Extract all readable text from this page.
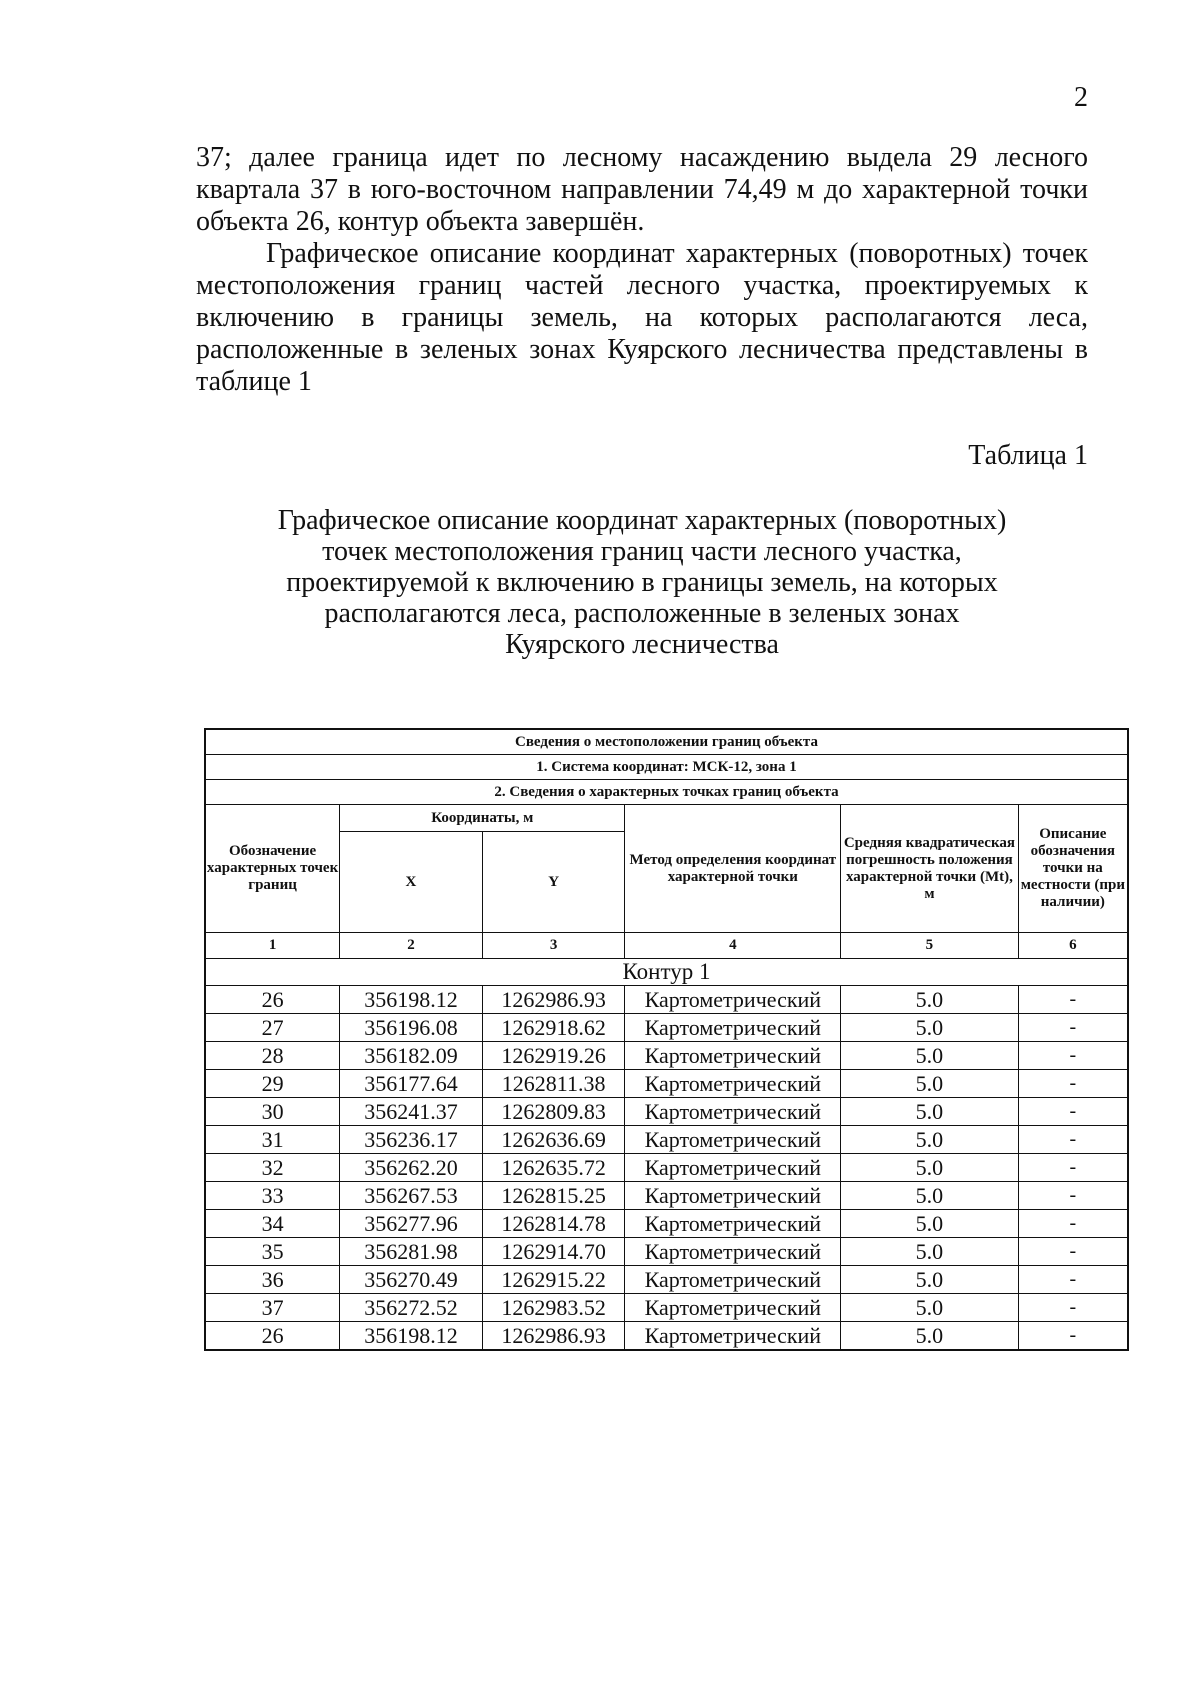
2

37; далее граница идет по лесному насаждению выдела 29 лесного квартала 37 в юго-восточном направлении 74,49 м до характерной точки объекта 26, контур объекта завершён.

Графическое описание координат характерных (поворотных) точек местоположения границ частей лесного участка, проектируемых к включению в границы земель, на которых располагаются леса, расположенные в зеленых зонах Куярского лесничества представлены в таблице 1

Таблица 1
Графическое описание координат характерных (поворотных)
точек местоположения границ части лесного участка,
проектируемой к включению в границы земель, на которых
располагаются леса, расположенные в зеленых зонах
Куярского лесничества
Сведения о местоположении границ объекта					
1. Система координат: МСК-12, зона 1					
2. Сведения о характерных точках границ объекта					
Обозначение характерных точек границ	Координаты, м		Метод определения координат характерной точки	Средняя квадратическая погрешность положения характерной точки (Mt), м	Описание обозначения точки на местности (при наличии)
	X	Y			
1	2	3	4	5	6
Контур 1					
26	356198.12	1262986.93	Картометрический	5.0	-
27	356196.08	1262918.62	Картометрический	5.0	-
28	356182.09	1262919.26	Картометрический	5.0	-
29	356177.64	1262811.38	Картометрический	5.0	-
30	356241.37	1262809.83	Картометрический	5.0	-
31	356236.17	1262636.69	Картометрический	5.0	-
32	356262.20	1262635.72	Картометрический	5.0	-
33	356267.53	1262815.25	Картометрический	5.0	-
34	356277.96	1262814.78	Картометрический	5.0	-
35	356281.98	1262914.70	Картометрический	5.0	-
36	356270.49	1262915.22	Картометрический	5.0	-
37	356272.52	1262983.52	Картометрический	5.0	-
26	356198.12	1262986.93	Картометрический	5.0	-
